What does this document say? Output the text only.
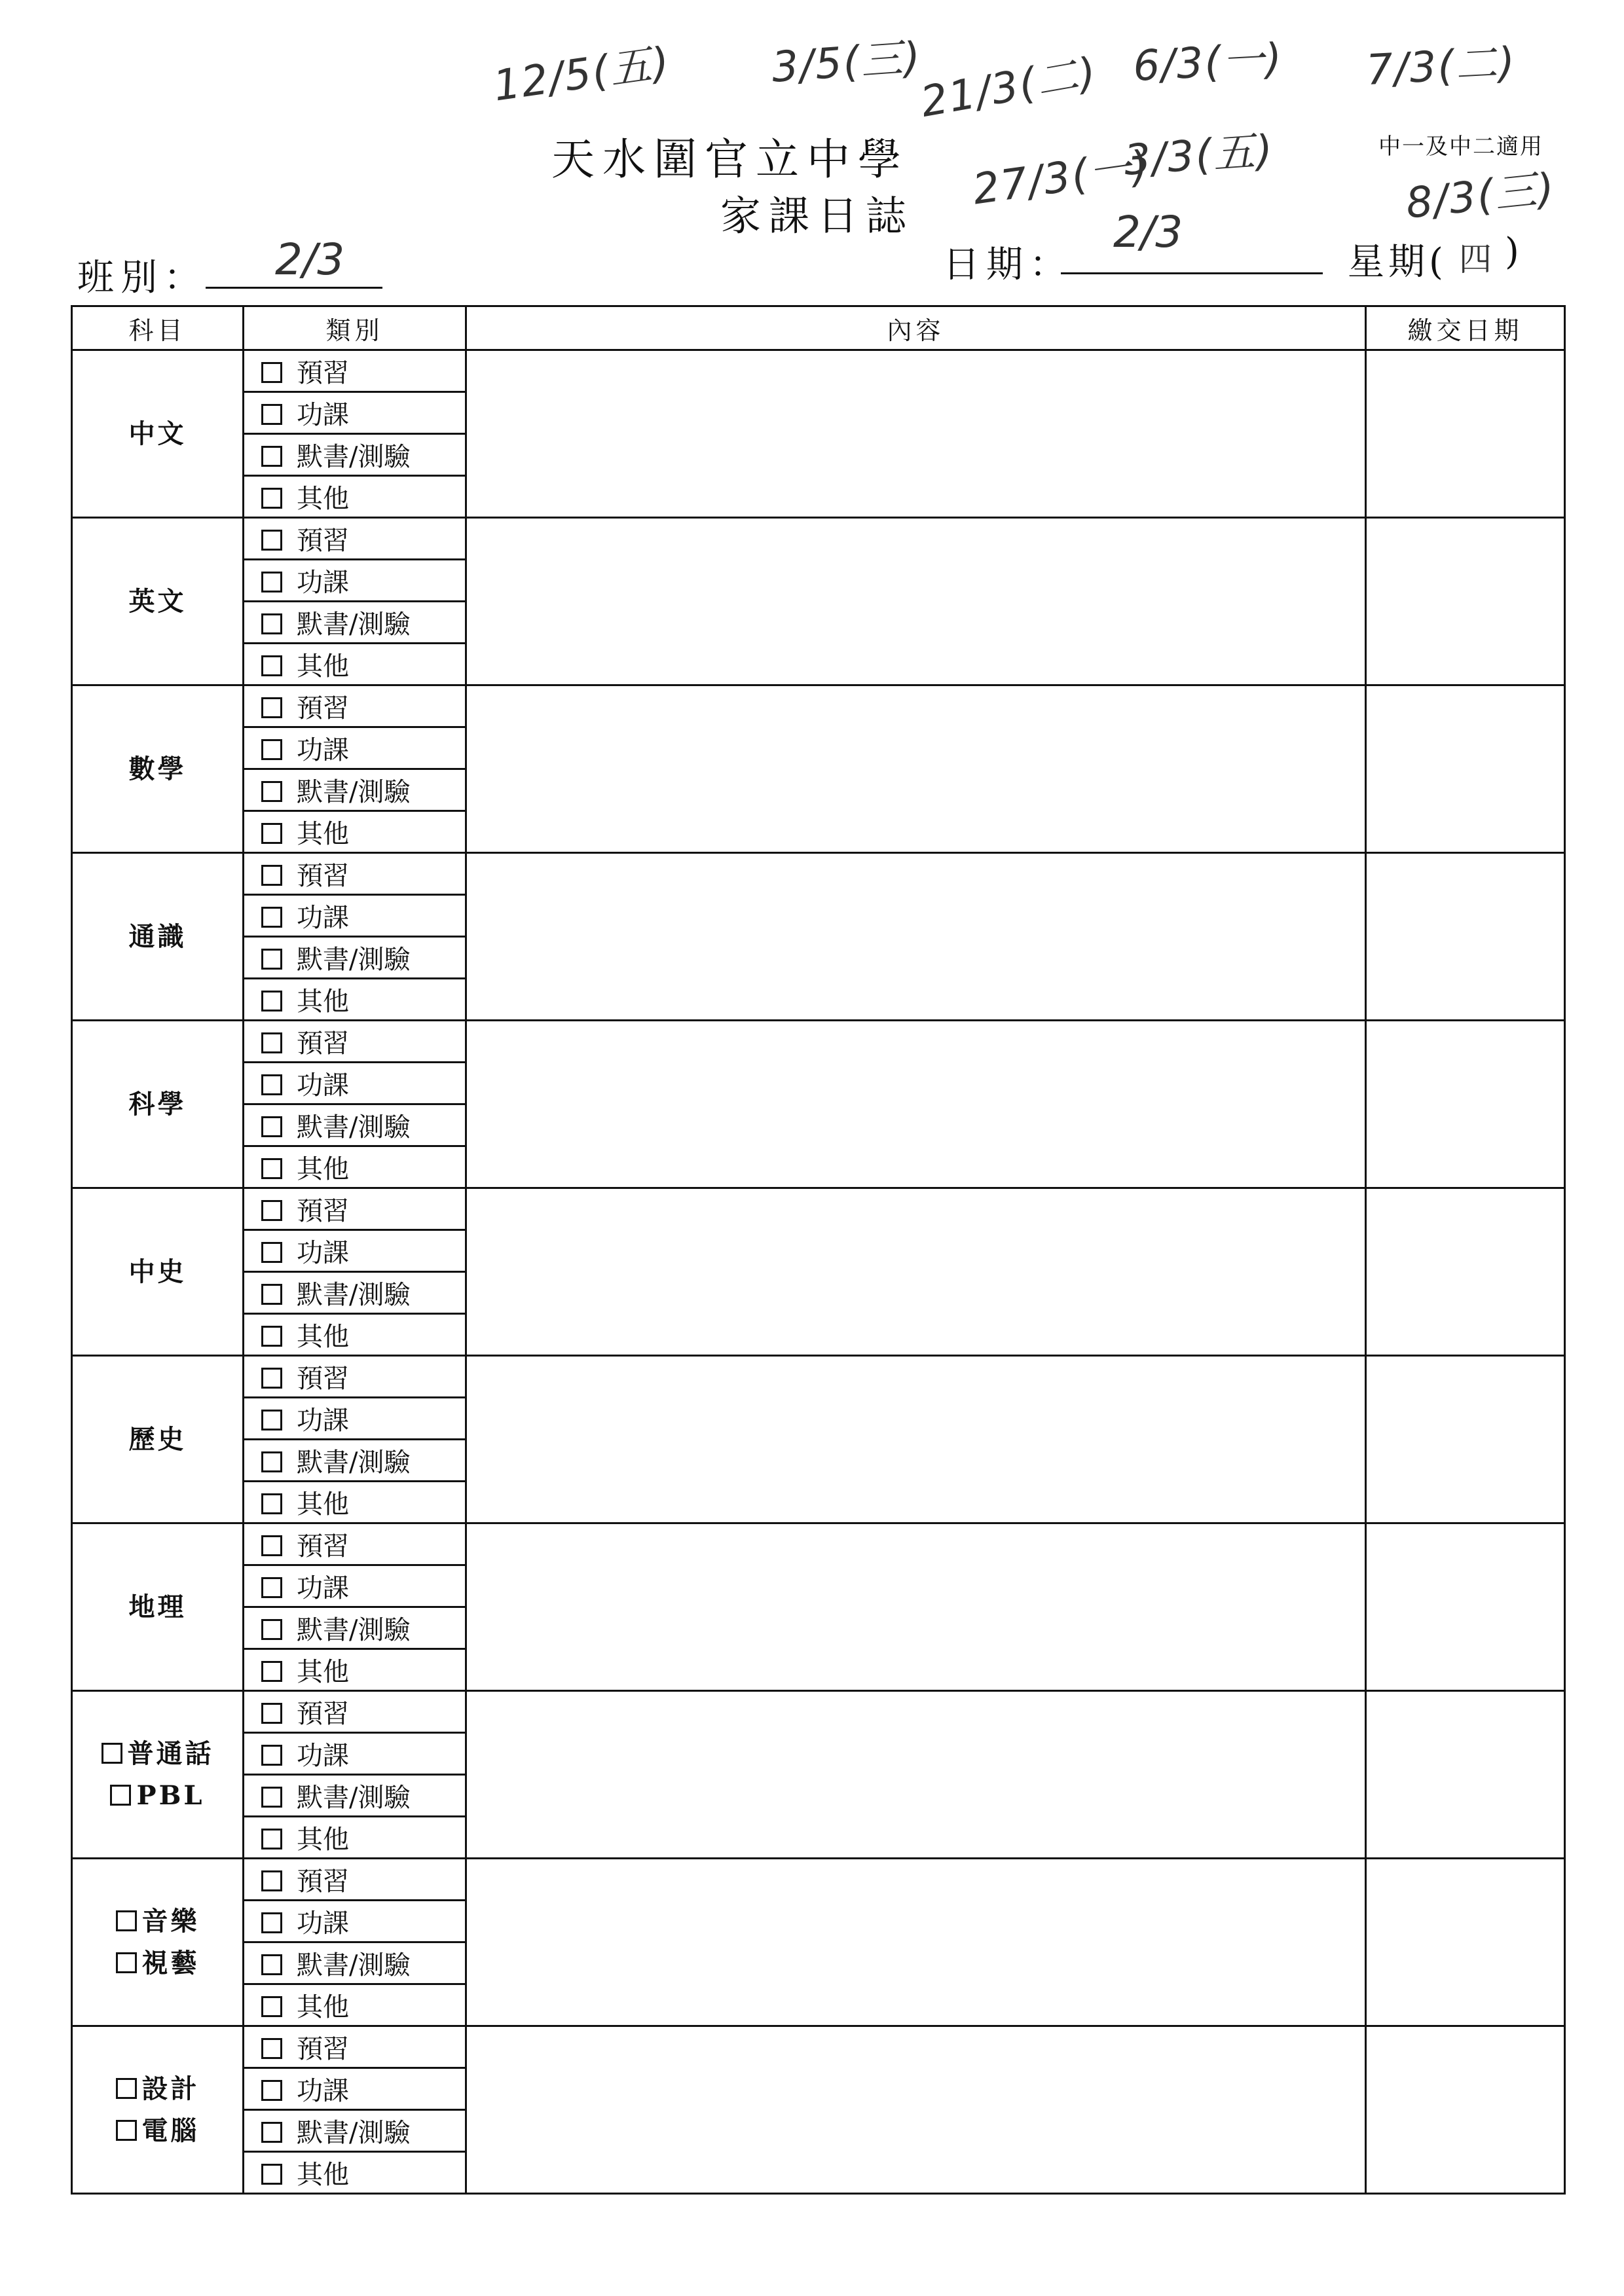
12/5(五) 3/5(三)
21/3(二) 6/3(一) 7/3(二)
27/3(一)
3/3(五)
8/3(三)
天水圍官立中學
家課日誌
中一及中二適用
班別： 2/3	日期：
2/3
星期( 四 )
科目	類別	內容	繳交日期

中文	預習		
	功課		
	默書/測驗		
	其他		

英文	預習		
	功課		
	默書/測驗		
	其他		

數學	預習		
	功課		
	默書/測驗		
	其他		

通識	預習		
	功課		
	默書/測驗		
	其他		

科學	預習		
	功課		
	默書/測驗		
	其他		

中史	預習		
	功課		
	默書/測驗		
	其他		

歷史	預習		
	功課		
	默書/測驗		
	其他		

地理	預習		
	功課		
	默書/測驗		
	其他		

普通話
PBL	預習		
	功課		
	默書/測驗		
	其他		

音樂
視藝	預習		
	功課		
	默書/測驗		
	其他		

設計
電腦	預習		
	功課		
	默書/測驗		
	其他		
